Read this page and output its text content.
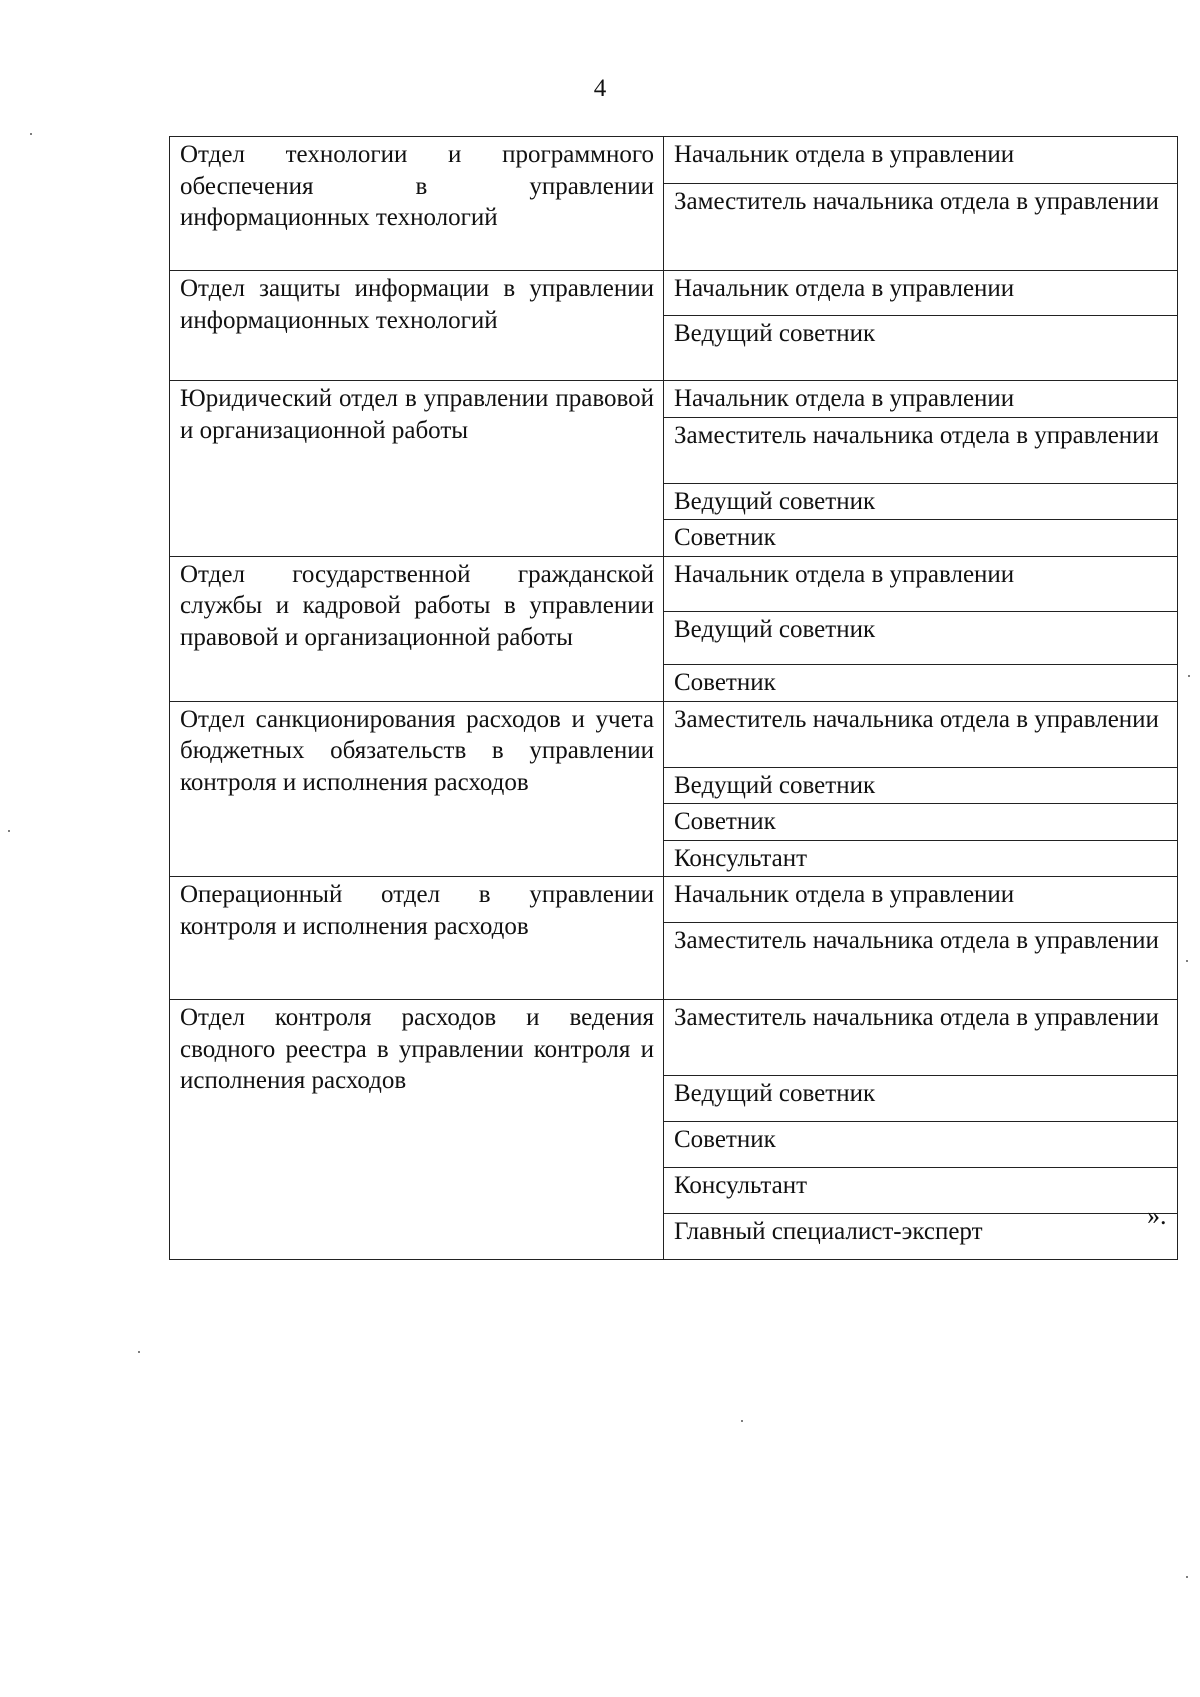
4
Отдел технологии и программного обеспечения в управлении информационных технологий	Начальник отдела в управлении
	Заместитель начальника отдела в управлении
Отдел защиты информации в управлении информационных технологий	Начальник отдела в управлении
	Ведущий советник
Юридический отдел в управлении правовой и организационной работы	Начальник отдела в управлении
	Заместитель начальника отдела в управлении
	Ведущий советник
	Советник
Отдел государственной гражданской службы и кадровой работы в управлении правовой и организационной работы	Начальник отдела в управлении
	Ведущий советник
	Советник
Отдел санкционирования расходов и учета бюджетных обязательств в управлении контроля и исполнения расходов	Заместитель начальника отдела в управлении
	Ведущий советник
	Советник
	Консультант
Операционный отдел в управлении контроля и исполнения расходов	Начальник отдела в управлении
	Заместитель начальника отдела в управлении
Отдел контроля расходов и ведения сводного реестра в управлении контроля и исполнения расходов	Заместитель начальника отдела в управлении
	Ведущий советник
	Советник
	Консультант
	Главный специалист-эксперт
».
